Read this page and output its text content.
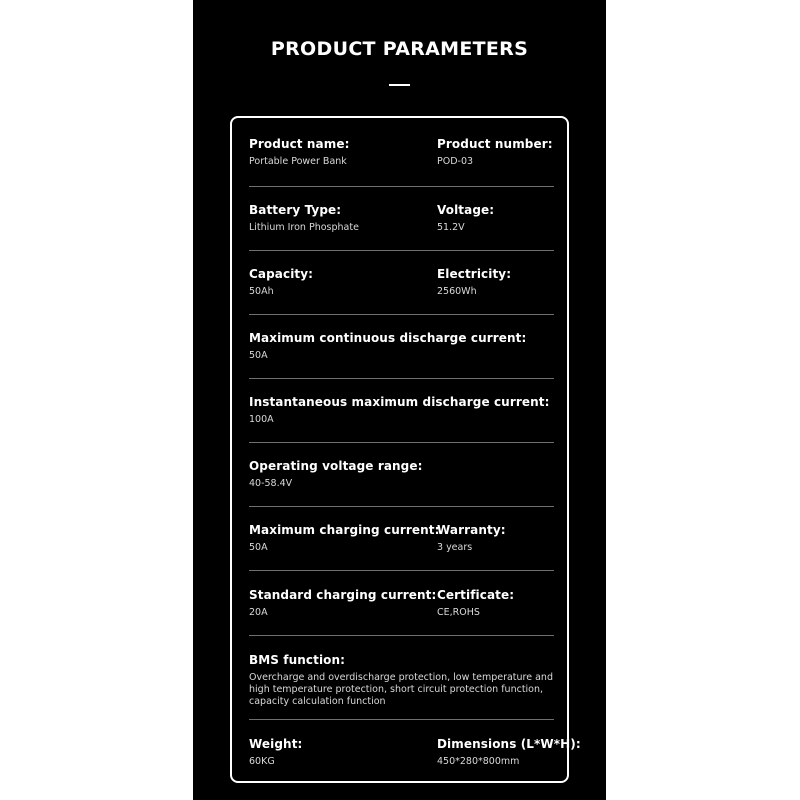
PRODUCT PARAMETERS
Product name:
Portable Power Bank
Product number:
POD-03
Battery Type:
Lithium Iron Phosphate
Voltage:
51.2V
Capacity:
50Ah
Electricity:
2560Wh
Maximum continuous discharge current:
50A
Instantaneous maximum discharge current:
100A
Operating voltage range:
40-58.4V
Maximum charging current:
50A
Warranty:
3 years
Standard charging current:
20A
Certificate:
CE,ROHS
BMS function:
Overcharge and overdischarge protection, low temperature and high temperature protection, short circuit protection function, capacity calculation function
Weight:
60KG
Dimensions (L*W*H):
450*280*800mm
